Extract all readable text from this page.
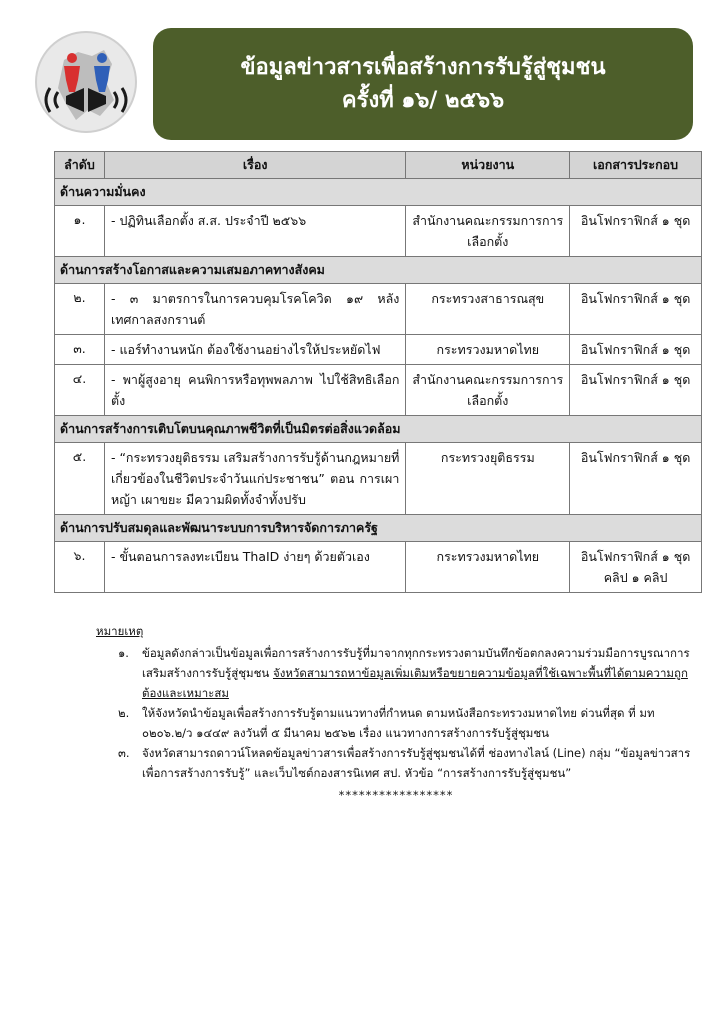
ข้อมูลข่าวสารเพื่อสร้างการรับรู้สู่ชุมชน
ครั้งที่ ๑๖/ ๒๕๖๖
ลำดับ	เรื่อง	หน่วยงาน	เอกสารประกอบ
ด้านความมั่นคง			
๑.	- ปฏิทินเลือกตั้ง ส.ส. ประจำปี ๒๕๖๖	สำนักงานคณะกรรมการการเลือกตั้ง	อินโฟกราฟิกส์ ๑ ชุด
ด้านการสร้างโอกาสและความเสมอภาคทางสังคม			
๒.	- ๓ มาตรการในการควบคุมโรคโควิด ๑๙ หลังเทศกาลสงกรานต์	กระทรวงสาธารณสุข	อินโฟกราฟิกส์ ๑ ชุด
๓.	- แอร์ทำงานหนัก ต้องใช้งานอย่างไรให้ประหยัดไฟ	กระทรวงมหาดไทย	อินโฟกราฟิกส์ ๑ ชุด
๔.	- พาผู้สูงอายุ คนพิการหรือทุพพลภาพ ไปใช้สิทธิเลือกตั้ง	สำนักงานคณะกรรมการการเลือกตั้ง	อินโฟกราฟิกส์ ๑ ชุด
ด้านการสร้างการเติบโตบนคุณภาพชีวิตที่เป็นมิตรต่อสิ่งแวดล้อม			
๕.	- “กระทรวงยุติธรรม เสริมสร้างการรับรู้ด้านกฎหมายที่เกี่ยวข้องในชีวิตประจำวันแก่ประชาชน” ตอน การเผาหญ้า เผาขยะ มีความผิดทั้งจำทั้งปรับ	กระทรวงยุติธรรม	อินโฟกราฟิกส์ ๑ ชุด
ด้านการปรับสมดุลและพัฒนาระบบการบริหารจัดการภาครัฐ			
๖.	- ขั้นตอนการลงทะเบียน ThaID ง่ายๆ ด้วยตัวเอง	กระทรวงมหาดไทย	อินโฟกราฟิกส์ ๑ ชุด
คลิป ๑ คลิป
หมายเหตุ
๑.	ข้อมูลดังกล่าวเป็นข้อมูลเพื่อการสร้างการรับรู้ที่มาจากทุกกระทรวงตามบันทึกข้อตกลงความร่วมมือการบูรณาการเสริมสร้างการรับรู้สู่ชุมชน จังหวัดสามารถหาข้อมูลเพิ่มเติมหรือขยายความข้อมูลที่ใช้เฉพาะพื้นที่ได้ตามความถูกต้องและเหมาะสม
๒.	ให้จังหวัดนำข้อมูลเพื่อสร้างการรับรู้ตามแนวทางที่กำหนด ตามหนังสือกระทรวงมหาดไทย ด่วนที่สุด ที่ มท ๐๒๐๖.๒/ว ๑๔๔๙ ลงวันที่ ๕ มีนาคม ๒๕๖๒ เรื่อง แนวทางการสร้างการรับรู้สู่ชุมชน
๓.	จังหวัดสามารถดาวน์โหลดข้อมูลข่าวสารเพื่อสร้างการรับรู้สู่ชุมชนได้ที่ ช่องทางไลน์ (Line) กลุ่ม “ข้อมูลข่าวสารเพื่อการสร้างการรับรู้” และเว็บไซต์กองสารนิเทศ สป. หัวข้อ “การสร้างการรับรู้สู่ชุมชน”
*****************
